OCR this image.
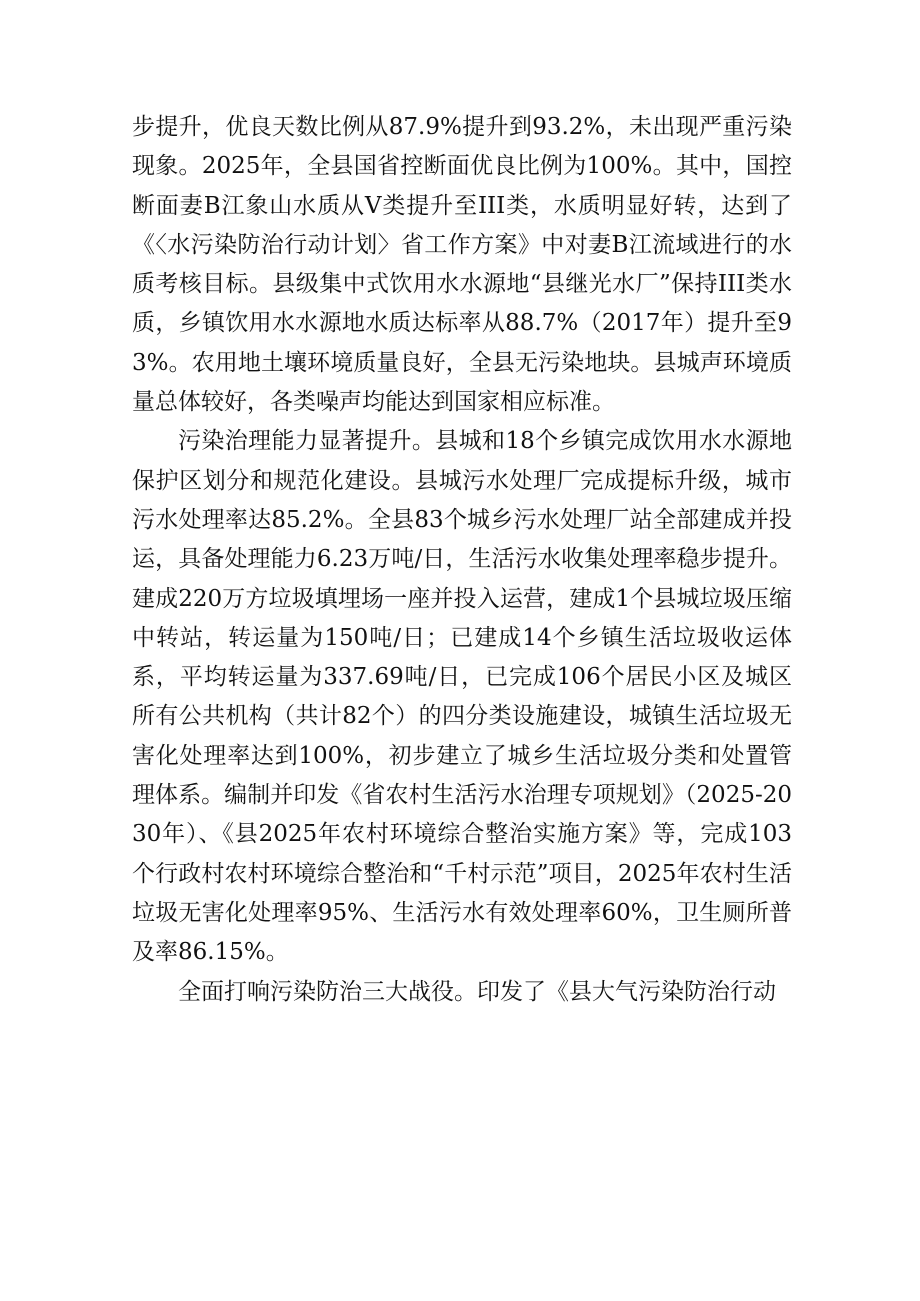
步提升，优良天数比例从87.9%提升到93.2%，未出现严重污染现象。2025年，全县国省控断面优良比例为100%。其中，国控断面妻B江象山水质从V类提升至III类，水质明显好转，达到了《〈水污染防治行动计划〉省工作方案》中对妻B江流域进行的水质考核目标。县级集中式饮用水水源地“县继光水厂”保持III类水质，乡镇饮用水水源地水质达标率从88.7%（2017年）提升至93%。农用地土壤环境质量良好，全县无污染地块。县城声环境质量总体较好，各类噪声均能达到国家相应标准。

污染治理能力显著提升。县城和18个乡镇完成饮用水水源地保护区划分和规范化建设。县城污水处理厂完成提标升级，城市污水处理率达85.2%。全县83个城乡污水处理厂站全部建成并投运，具备处理能力6.23万吨/日，生活污水收集处理率稳步提升。建成220万方垃圾填埋场一座并投入运营，建成1个县城垃圾压缩中转站，转运量为150吨/日；已建成14个乡镇生活垃圾收运体系，平均转运量为337.69吨/日，已完成106个居民小区及城区所有公共机构（共计82个）的四分类设施建设，城镇生活垃圾无害化处理率达到100%，初步建立了城乡生活垃圾分类和处置管理体系。编制并印发《省农村生活污水治理专项规划》（2025-2030年）、《县2025年农村环境综合整治实施方案》等，完成103个行政村农村环境综合整治和“千村示范”项目，2025年农村生活垃圾无害化处理率95%、生活污水有效处理率60%，卫生厕所普及率86.15%。

全面打响污染防治三大战役。印发了《县大气污染防治行动
